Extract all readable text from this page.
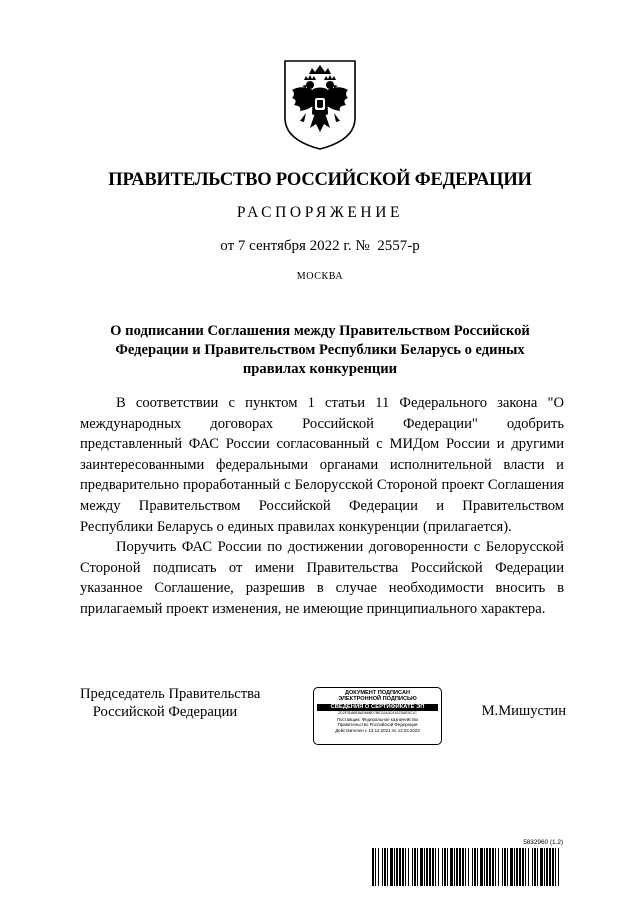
ПРАВИТЕЛЬСТВО РОССИЙСКОЙ ФЕДЕРАЦИИ
РАСПОРЯЖЕНИЕ
от 7 сентября 2022 г. № 2557-р
МОСКВА
О подписании Соглашения между Правительством Российской
Федерации и Правительством Республики Беларусь о единых
правилах конкуренции

В соответствии с пунктом 1 статьи 11 Федерального закона "О международных договорах Российской Федерации" одобрить представленный ФАС России согласованный с МИДом России и другими заинтересованными федеральными органами исполнительной власти и предварительно проработанный с Белорусской Стороной проект Соглашения между Правительством Российской Федерации и Правительством Республики Беларусь о единых правилах конкуренции (прилагается).

Поручить ФАС России по достижении договоренности с Белорусской Стороной подписать от имени Правительства Российской Федерации указанное Соглашение, разрешив в случае необходимости вносить в прилагаемый проект изменения, не имеющие принципиального характера.

Председатель Правительства
Российской Федерации
ДОКУМЕНТ ПОДПИСАН
ЭЛЕКТРОННОЙ ПОДПИСЬЮ
СВЕДЕНИЯ О СЕРТИФИКАТЕ ЭП
2D2F3D86E8AD66BD7BEC0A3C91A7D8E5C1C
Поставщик: Федеральное казначейство
Правительство Российской Федерации
Действителен с 13.12.2021 по 13.03.2023
М.Мишустин
5832960 (1.2)
